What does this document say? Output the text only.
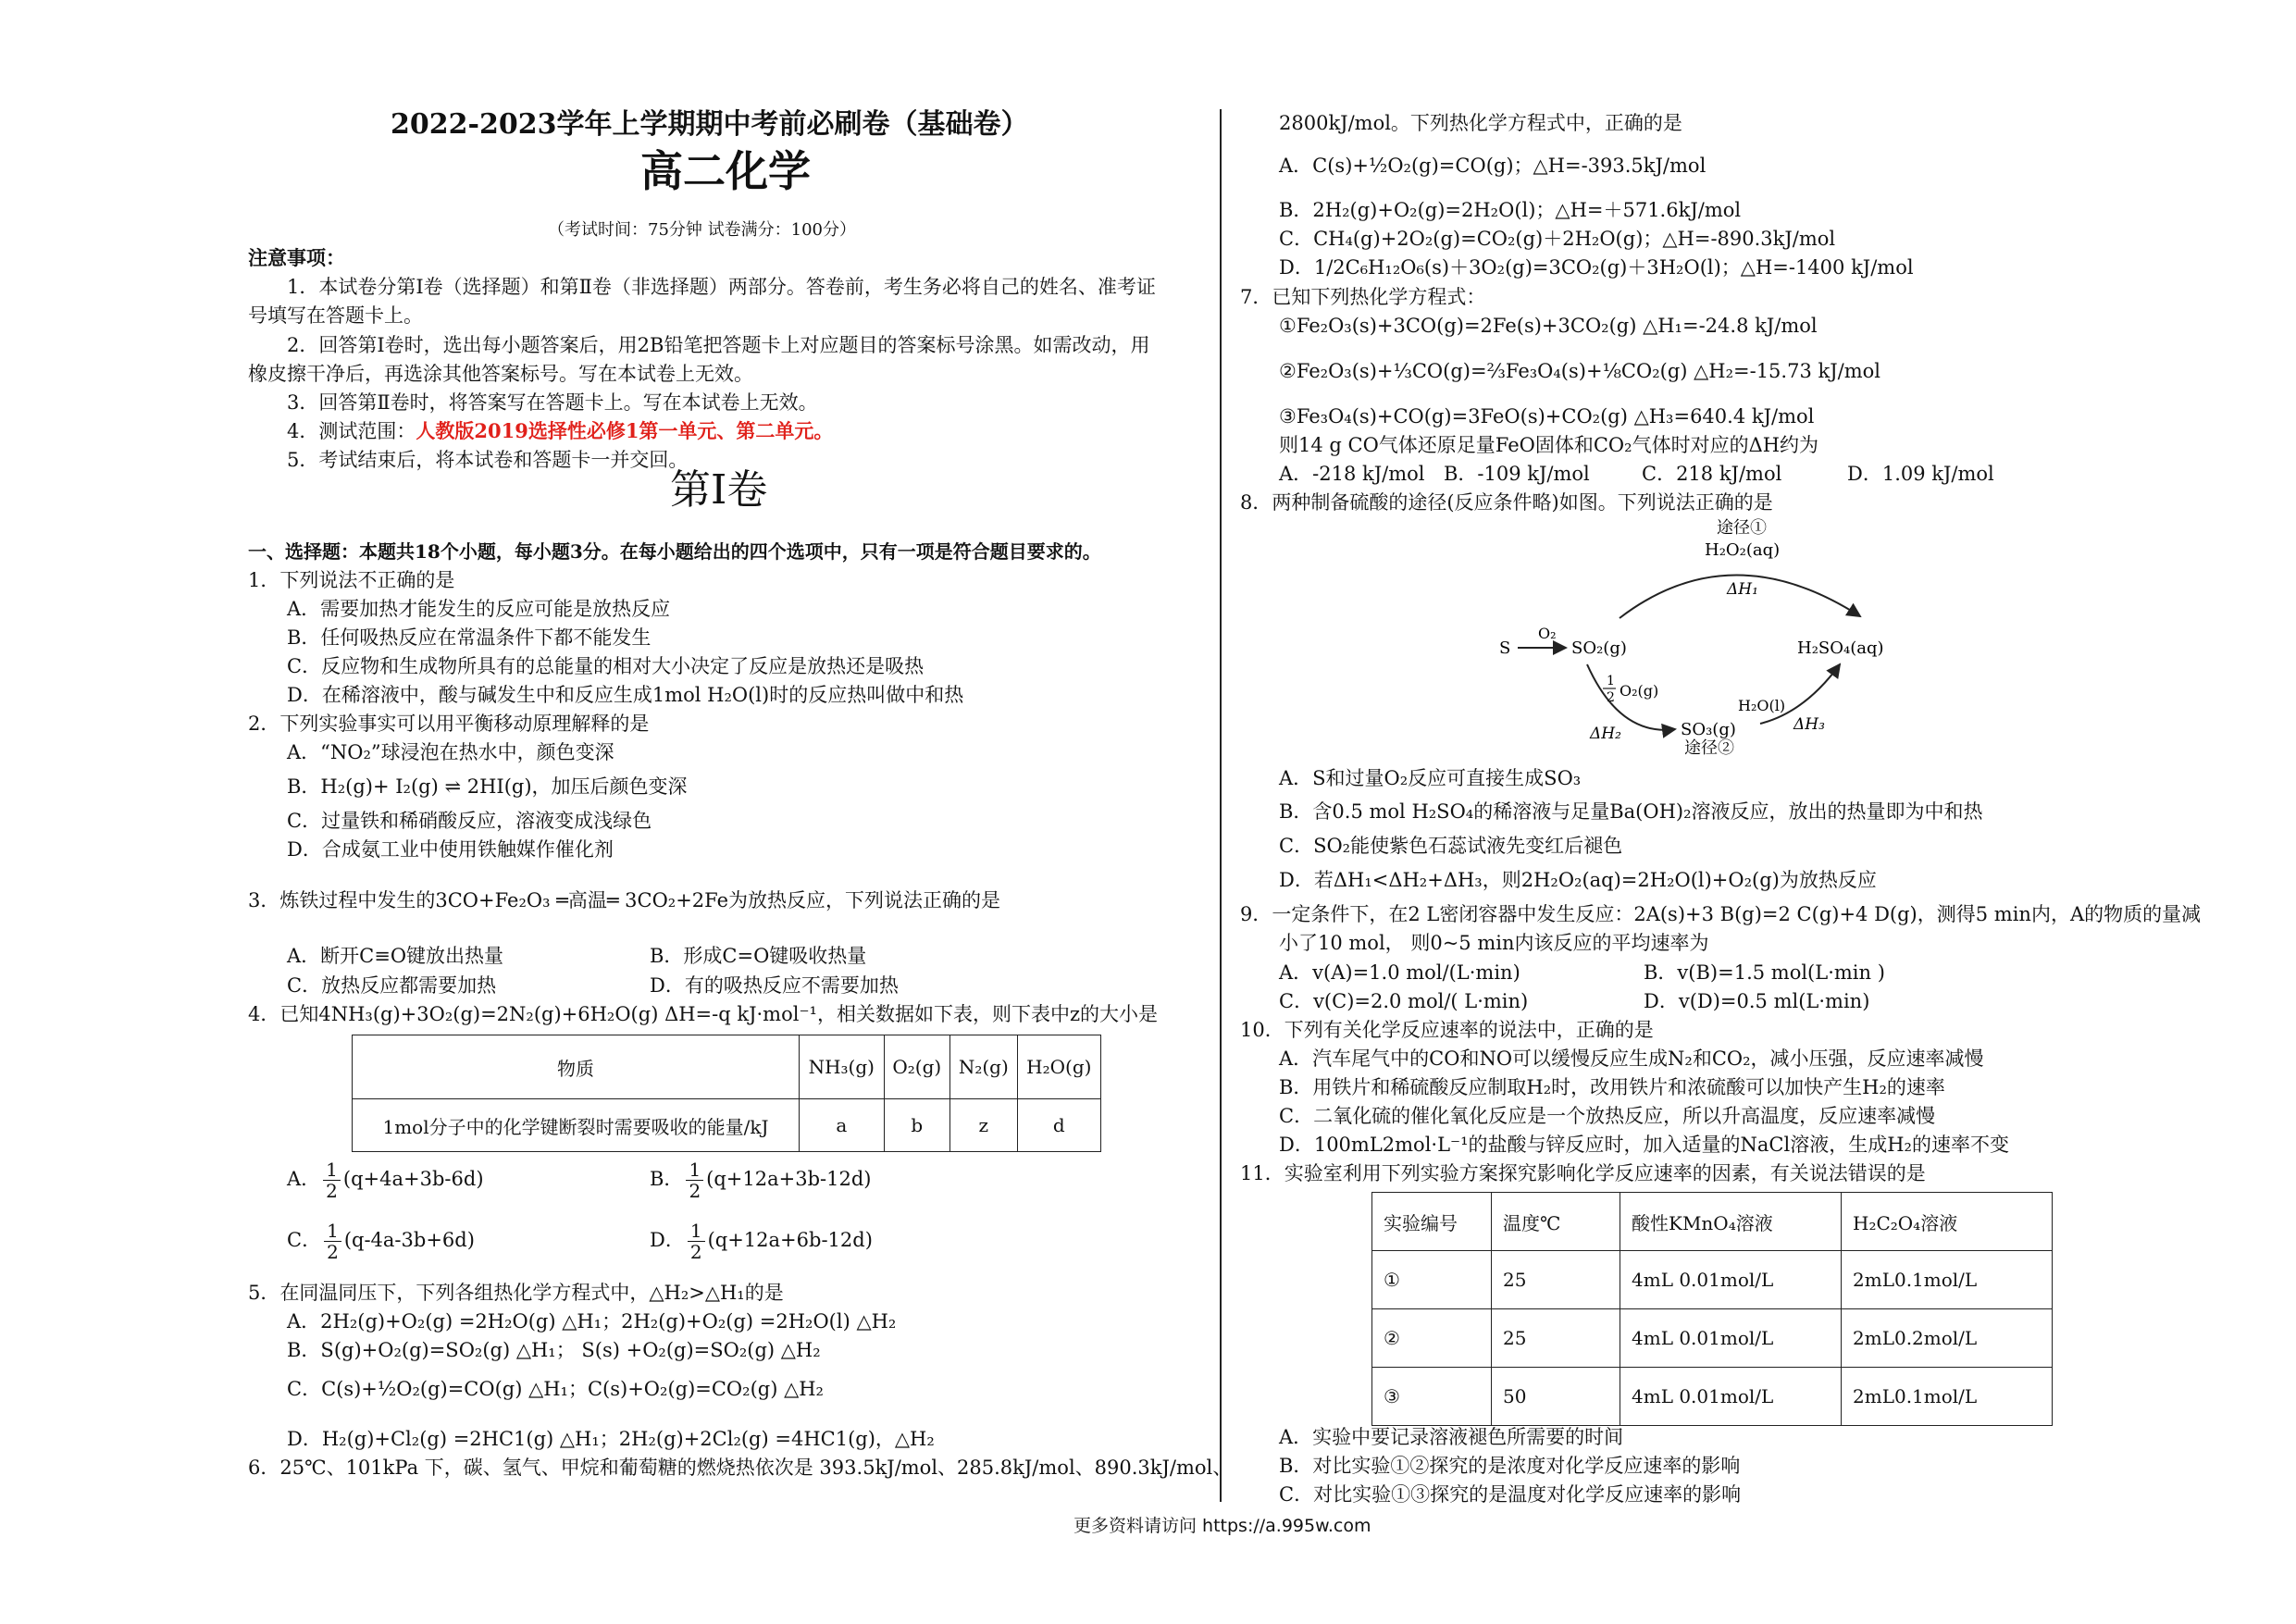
2022-2023学年上学期期中考前必刷卷（基础卷）
高二化学
（考试时间：75分钟 试卷满分：100分）
注意事项：
1．本试卷分第Ⅰ卷（选择题）和第Ⅱ卷（非选择题）两部分。答卷前，考生务必将自己的姓名、准考证
号填写在答题卡上。
2．回答第Ⅰ卷时，选出每小题答案后，用2B铅笔把答题卡上对应题目的答案标号涂黑。如需改动，用
橡皮擦干净后，再选涂其他答案标号。写在本试卷上无效。
3．回答第Ⅱ卷时，将答案写在答题卡上。写在本试卷上无效。
4．测试范围：人教版2019选择性必修1第一单元、第二单元。
5．考试结束后，将本试卷和答题卡一并交回。
第Ⅰ卷
一、选择题：本题共18个小题，每小题3分。在每小题给出的四个选项中，只有一项是符合题目要求的。
1．下列说法不正确的是
A．需要加热才能发生的反应可能是放热反应
B．任何吸热反应在常温条件下都不能发生
C．反应物和生成物所具有的总能量的相对大小决定了反应是放热还是吸热
D．在稀溶液中，酸与碱发生中和反应生成1mol H₂O(l)时的反应热叫做中和热
2．下列实验事实可以用平衡移动原理解释的是
A．“NO₂”球浸泡在热水中，颜色变深
B．H₂(g)+ I₂(g) ⇌ 2HI(g)，加压后颜色变深
C．过量铁和稀硝酸反应，溶液变成浅绿色
D．合成氨工业中使用铁触媒作催化剂
3．炼铁过程中发生的3CO+Fe₂O₃ ═高温═ 3CO₂+2Fe为放热反应，下列说法正确的是
A．断开C≡O键放出热量	B．形成C=O键吸收热量
C．放热反应都需要加热	D．有的吸热反应不需要加热
4．已知4NH₃(g)+3O₂(g)=2N₂(g)+6H₂O(g) ΔH=-q kJ·mol⁻¹，相关数据如下表，则下表中z的大小是
物质	NH₃(g)	O₂(g)	N₂(g)	H₂O(g)
1mol分子中的化学键断裂时需要吸收的能量/kJ	a	b	z	d
A． $\frac{1}{2} (q+4a+3b-6d)$	B． $\frac{1}{2} (q+12a+3b-12d)$
C． $\frac{1}{2} (q-4a-3b+6d)$	D． $\frac{1}{2} (q+12a+6b-12d)$
5．在同温同压下，下列各组热化学方程式中，△H₂>△H₁的是
A．2H₂(g)+O₂(g) =2H₂O(g) △H₁；2H₂(g)+O₂(g) =2H₂O(l) △H₂
B．S(g)+O₂(g)=SO₂(g) △H₁； S(s) +O₂(g)=SO₂(g) △H₂
C．C(s)+½O₂(g)=CO(g) △H₁；C(s)+O₂(g)=CO₂(g) △H₂
D．H₂(g)+Cl₂(g) =2HC1(g) △H₁；2H₂(g)+2Cl₂(g) =4HC1(g)，△H₂
6．25℃、101kPa 下，碳、氢气、甲烷和葡萄糖的燃烧热依次是 393.5kJ/mol、285.8kJ/mol、890.3kJ/mol、
2800kJ/mol。下列热化学方程式中，正确的是
A．C(s)+½O₂(g)=CO(g)；△H=-393.5kJ/mol
B．2H₂(g)+O₂(g)=2H₂O(l)；△H=＋571.6kJ/mol
C．CH₄(g)+2O₂(g)=CO₂(g)＋2H₂O(g)；△H=-890.3kJ/mol
D．1/2C₆H₁₂O₆(s)＋3O₂(g)=3CO₂(g)＋3H₂O(l)；△H=-1400 kJ/mol
7．已知下列热化学方程式：
①Fe₂O₃(s)+3CO(g)=2Fe(s)+3CO₂(g) △H₁=-24.8 kJ/mol
②Fe₂O₃(s)+⅓CO(g)=⅔Fe₃O₄(s)+⅛CO₂(g) △H₂=-15.73 kJ/mol
③Fe₃O₄(s)+CO(g)=3FeO(s)+CO₂(g) △H₃=640.4 kJ/mol
则14 g CO气体还原足量FeO固体和CO₂气体时对应的ΔH约为
A．-218 kJ/mol B．-109 kJ/mol	C．218 kJ/mol	D．1.09 kJ/mol
8．两种制备硫酸的途径(反应条件略)如图。下列说法正确的是
途径①
H₂O₂(aq)
ΔH₁
S
O₂
SO₂(g)	H₂SO₄(aq)
1
2 O₂(g)
ΔH₂	SO₃(g)
途径②
H₂O(l)
ΔH₃
A．S和过量O₂反应可直接生成SO₃
B．含0.5 mol H₂SO₄的稀溶液与足量Ba(OH)₂溶液反应，放出的热量即为中和热
C．SO₂能使紫色石蕊试液先变红后褪色
D．若ΔH₁<ΔH₂+ΔH₃，则2H₂O₂(aq)=2H₂O(l)+O₂(g)为放热反应
9．一定条件下，在2 L密闭容器中发生反应：2A(s)+3 B(g)=2 C(g)+4 D(g)，测得5 min内，A的物质的量减
小了10 mol， 则0~5 min内该反应的平均速率为
A．v(A)=1.0 mol/(L·min)	B．v(B)=1.5 mol(L·min )
C．v(C)=2.0 mol/( L·min)	D．v(D)=0.5 ml(L·min)
10．下列有关化学反应速率的说法中，正确的是
A．汽车尾气中的CO和NO可以缓慢反应生成N₂和CO₂，减小压强，反应速率减慢
B．用铁片和稀硫酸反应制取H₂时，改用铁片和浓硫酸可以加快产生H₂的速率
C．二氧化硫的催化氧化反应是一个放热反应，所以升高温度，反应速率减慢
D．100mL2mol·L⁻¹的盐酸与锌反应时，加入适量的NaCl溶液，生成H₂的速率不变
11．实验室利用下列实验方案探究影响化学反应速率的因素，有关说法错误的是
实验编号	温度℃	酸性KMnO₄溶液	H₂C₂O₄溶液
①	25	4mL 0.01mol/L	2mL0.1mol/L
②	25	4mL 0.01mol/L	2mL0.2mol/L
③	50	4mL 0.01mol/L	2mL0.1mol/L
A．实验中要记录溶液褪色所需要的时间
B．对比实验①②探究的是浓度对化学反应速率的影响
C．对比实验①③探究的是温度对化学反应速率的影响
更多资料请访问 https://a.995w.com
